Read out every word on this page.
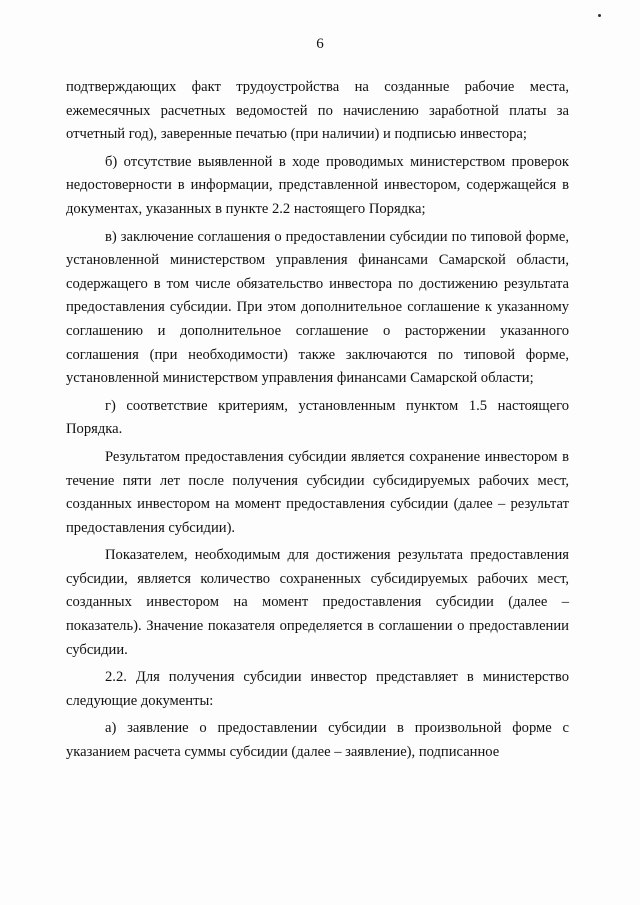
6

подтверждающих факт трудоустройства на созданные рабочие места, ежемесячных расчетных ведомостей по начислению заработной платы за отчетный год), заверенные печатью (при наличии) и подписью инвестора;

б) отсутствие выявленной в ходе проводимых министерством проверок недостоверности в информации, представленной инвестором, содержащейся в документах, указанных в пункте 2.2 настоящего Порядка;

в) заключение соглашения о предоставлении субсидии по типовой форме, установленной министерством управления финансами Самарской области, содержащего в том числе обязательство инвестора по достижению результата предоставления субсидии. При этом дополнительное соглашение к указанному соглашению и дополнительное соглашение о расторжении указанного соглашения (при необходимости) также заключаются по типовой форме, установленной министерством управления финансами Самарской области;

г) соответствие критериям, установленным пунктом 1.5 настоящего Порядка.

Результатом предоставления субсидии является сохранение инвестором в течение пяти лет после получения субсидии субсидируемых рабочих мест, созданных инвестором на момент предоставления субсидии (далее – результат предоставления субсидии).

Показателем, необходимым для достижения результата предоставления субсидии, является количество сохраненных субсидируемых рабочих мест, созданных инвестором на момент предоставления субсидии (далее – показатель). Значение показателя определяется в соглашении о предоставлении субсидии.

2.2. Для получения субсидии инвестор представляет в министерство следующие документы:

а) заявление о предоставлении субсидии в произвольной форме с указанием расчета суммы субсидии (далее – заявление), подписанное
